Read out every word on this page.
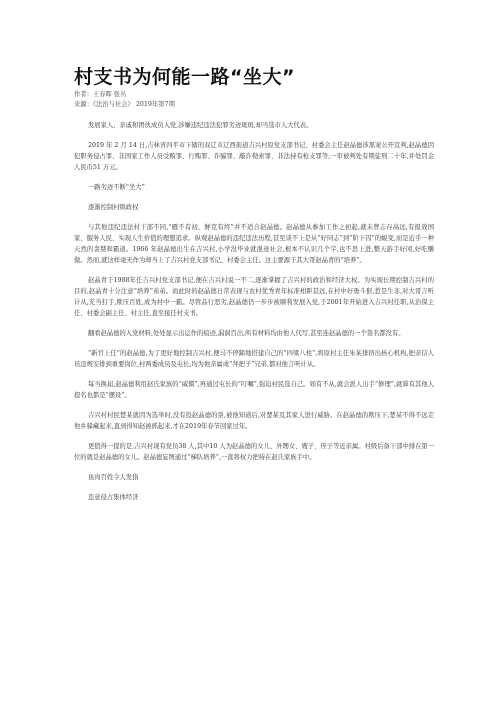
村支书为何能一路“坐大”
作者：王春晖 张丛
来源：《法治与社会》 2019年第7期

发展家人、亲戚和团伙成员入党,涉嫌违纪违法犯罪劣迹斑斑,却当选市人大代表。

2019 年 2 月 14 日,吉林省四平市下辖的双辽市辽西街道吉兴村原党支部书记、村委会主任赵晶德涉黑案公开宣判,赵晶德因犯职务侵占罪、非国家工作人员受贿罪、行贿罪、诈骗罪、敲诈勒索罪、非法持有枪支罪等,一审被判处有期徒刑二十年,并处罚金人民币51 万元。

一路劣迹不断“坐大”

逐渐控制村级政权

与其他违纪违法村干部不同,“雁不有初、鲜克有终”并不适合赵晶德。赵晶德从参加工作之初起,就未曾志存高远,有报效国家、服务人民、实现人生价值的理想追求。纵观赵晶德的违纪违法历程,甚至谈不上是从“好同志”到“阶下囚”的蜕变,而是近乎一种天然的贪婪和霸道。1966 年赵晶德出生在吉兴村,小学没毕业就混迹社会,根本不认识几个字,也不思上进,整天游手好闲,好吃懒做。然而,就这样毫无作为却当上了吉兴村党支部书记、村委会主任。这主要源于其大哥赵晶青的“培养”。

赵晶青于1988年任吉兴村党支部书记,便在吉兴村说一不二,逐渐掌握了吉兴村的政治和经济大权。为实现长期控制吉兴村的目的,赵晶青十分注意“培养”弟弟。而此时的赵晶德日常表现与农村优秀青年标准相距甚远,在村中好勇斗狠,惹是生非,对大哥言听计从,充当打手,欺压百姓,成为村中一霸。尽管品行恶劣,赵晶德仍一步步被顺利发展入党,于2001年开始进入吉兴村任职,从治保主任、村委会副主任、村主任,直至接任村支书。

翻看赵晶德的入党材料,处处显示出运作的痕迹,漏洞百出,所有材料均由他人代写,甚至连赵晶德的一个签名都没有。

“新官上任”的赵晶德,为了更好地控制吉兴村,便马不停蹄地搭建自己的“四梁八柱”,将原村主任朱某排挤出核心机构,把亲信人员违规安排到重要岗位,村两委成员及屯长,均为他亲属或“拜把子”兄弟,都对他言听计从。

每当换届,赵晶德利用赵氏家族的“威慑”,再通过屯长的“叮嘱”,强迫村民选自己。如有不从,就会派人出手“修理”,就算有其他人提名也都是“摆设”。

吉兴村村民楚某就因为选举时,没有投赵晶德的票,被他知道后,对楚某及其家人进行威胁。在赵晶德的欺压下,楚某不得不远走他乡躲藏起来,直到得知赵被抓起来,才在2019年春节回家过年。

更值得一提的是,吉兴村现有党员38 人,其中10 人为赵晶德的女儿、外甥女、嫂子、侄子等近亲属。村级后备干部中排在第一位的就是赵晶德的女儿。赵晶德妄图通过“梯队培养”,一直将权力把持在赵氏家族手中。

鱼肉百姓令人发指

恣意侵占集体经济
